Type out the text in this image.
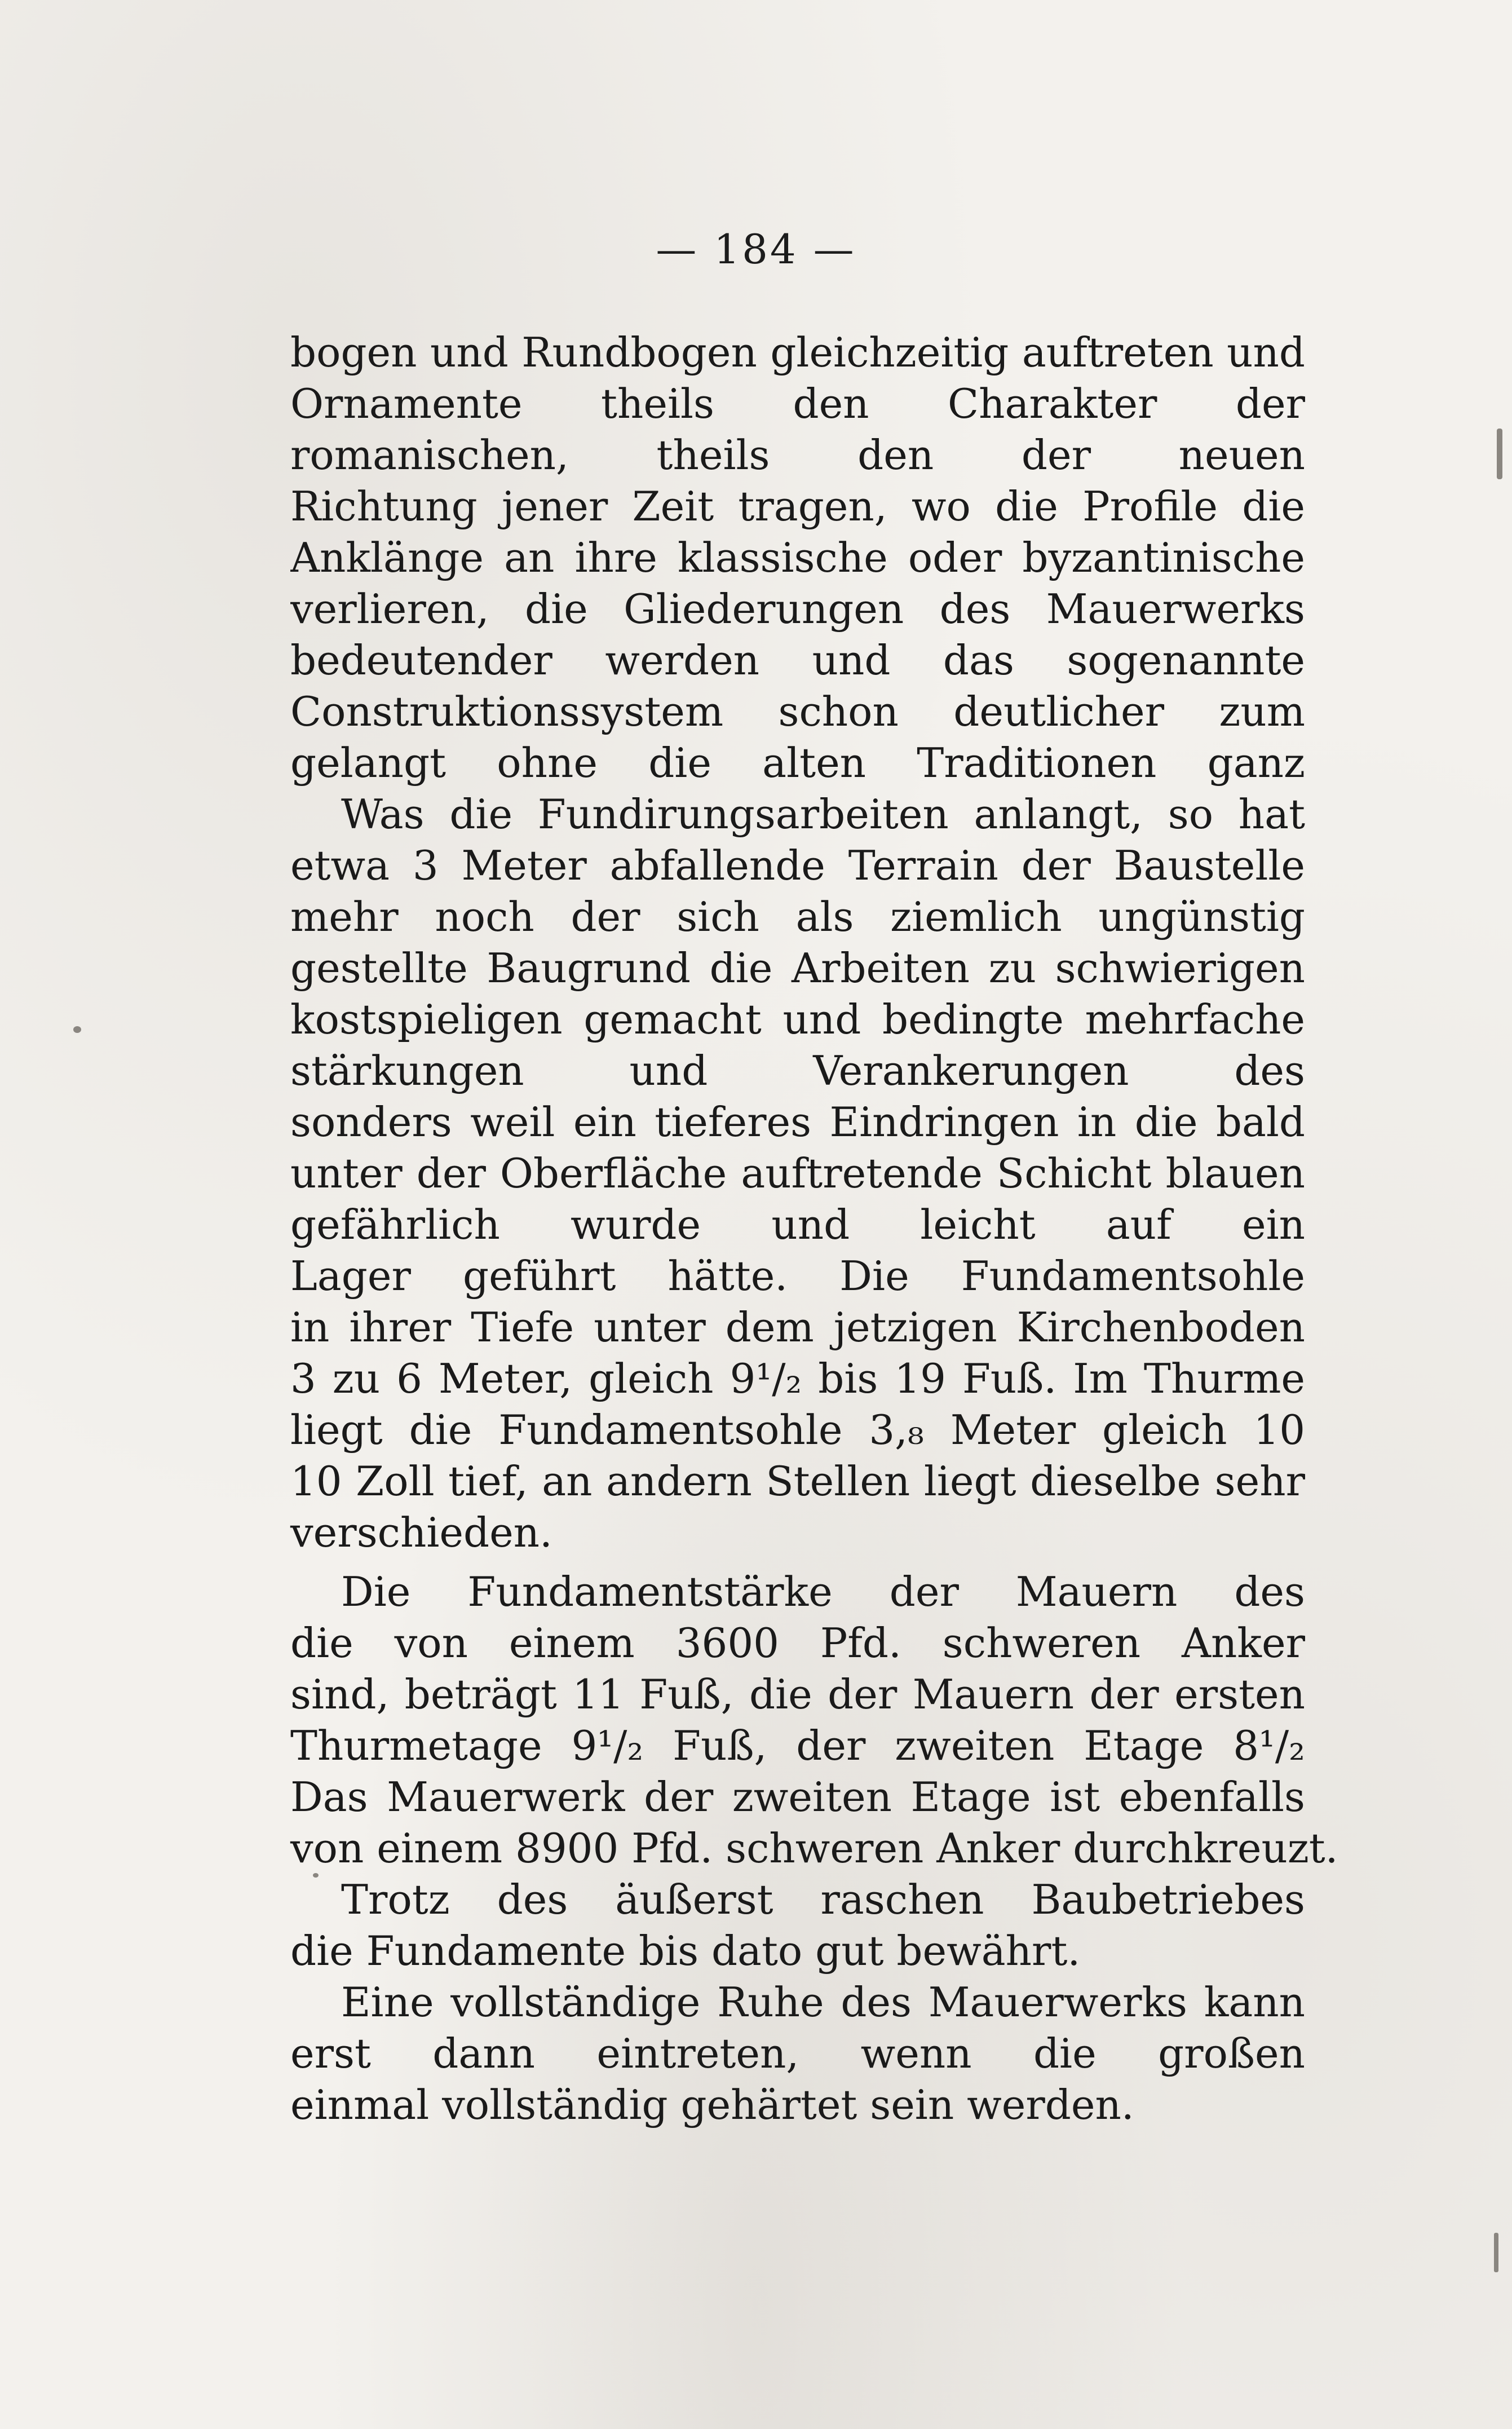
— 184 —
bogen und Rundbogen gleichzeitig auftreten und
Ornamente theils den Charakter der
romanischen, theils den der neuen
Richtung jener Zeit tragen, wo die Profile die
Anklänge an ihre klassische oder byzantinische
verlieren, die Gliederungen des Mauerwerks
bedeutender werden und das sogenannte
Construktionssystem schon deutlicher zum
gelangt ohne die alten Traditionen ganz
Was die Fundirungsarbeiten anlangt, so hat
etwa 3 Meter abfallende Terrain der Baustelle
mehr noch der sich als ziemlich ungünstig
gestellte Baugrund die Arbeiten zu schwierigen
kostspieligen gemacht und bedingte mehrfache
stärkungen und Verankerungen des
sonders weil ein tieferes Eindringen in die bald
unter der Oberfläche auftretende Schicht blauen
gefährlich wurde und leicht auf ein
Lager geführt hätte. Die Fundamentsohle
in ihrer Tiefe unter dem jetzigen Kirchenboden
3 zu 6 Meter, gleich 9¹/₂ bis 19 Fuß. Im Thurme
liegt die Fundamentsohle 3,₈ Meter gleich 10
10 Zoll tief, an andern Stellen liegt dieselbe sehr
verschieden.
Die Fundamentstärke der Mauern des
die von einem 3600 Pfd. schweren Anker
sind, beträgt 11 Fuß, die der Mauern der ersten
Thurmetage 9¹/₂ Fuß, der zweiten Etage 8¹/₂
Das Mauerwerk der zweiten Etage ist ebenfalls
von einem 8900 Pfd. schweren Anker durchkreuzt.
Trotz des äußerst raschen Baubetriebes
die Fundamente bis dato gut bewährt.
Eine vollständige Ruhe des Mauerwerks kann
erst dann eintreten, wenn die großen
einmal vollständig gehärtet sein werden.
